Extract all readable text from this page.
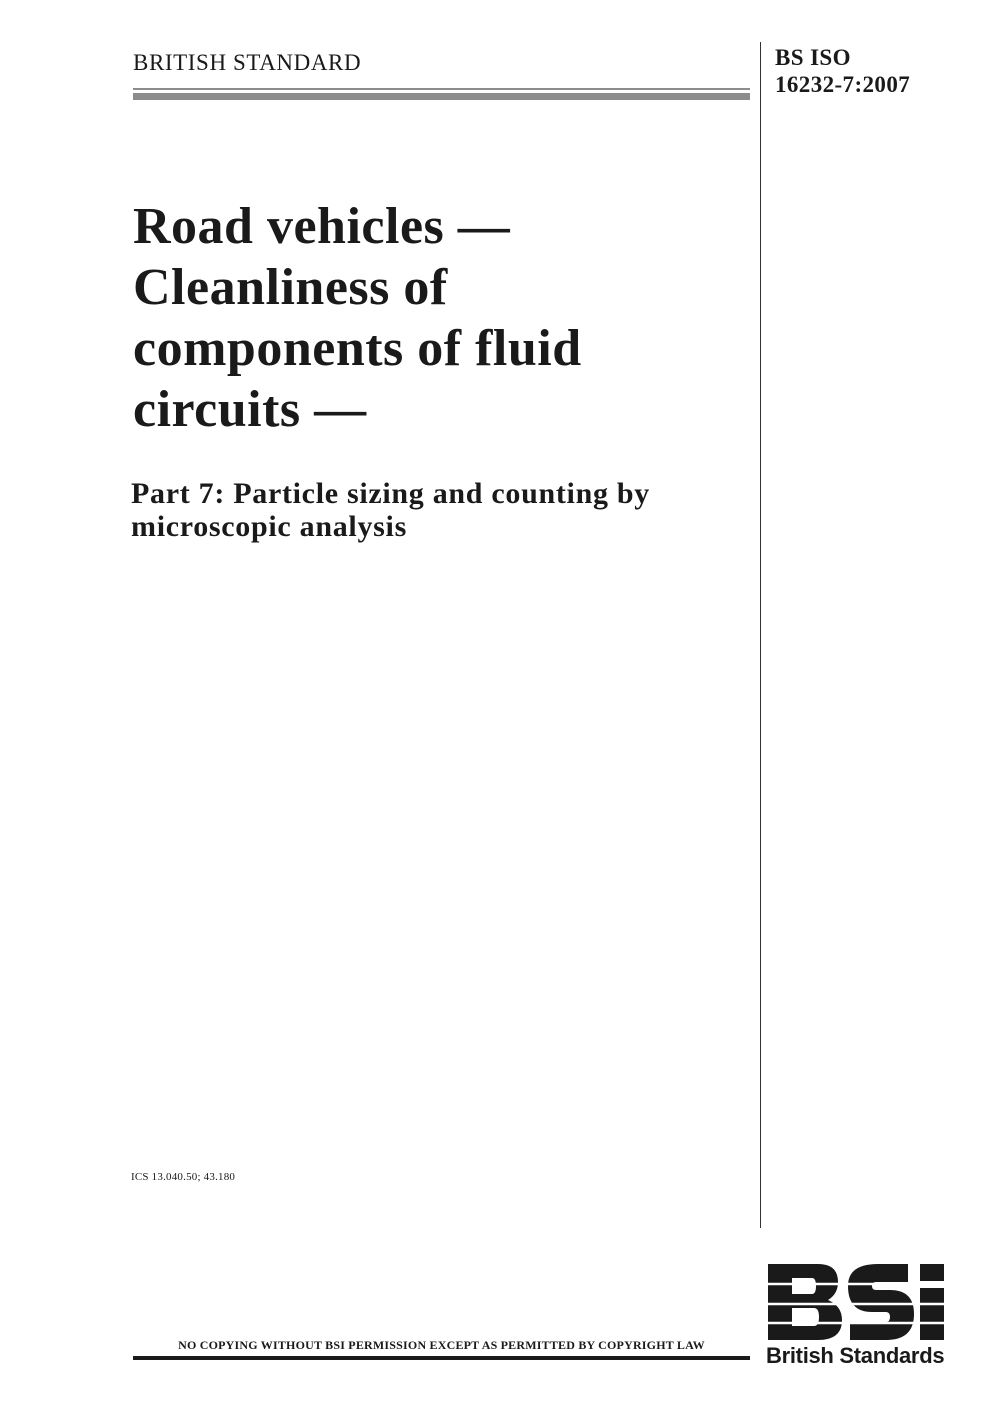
BRITISH STANDARD	BS ISO
16232-7:2007
Road vehicles —
Cleanliness of
components of fluid
circuits —
Part 7: Particle sizing and counting by
microscopic analysis
ICS 13.040.50; 43.180
NO COPYING WITHOUT BSI PERMISSION EXCEPT AS PERMITTED BY COPYRIGHT LAW	British Standards
